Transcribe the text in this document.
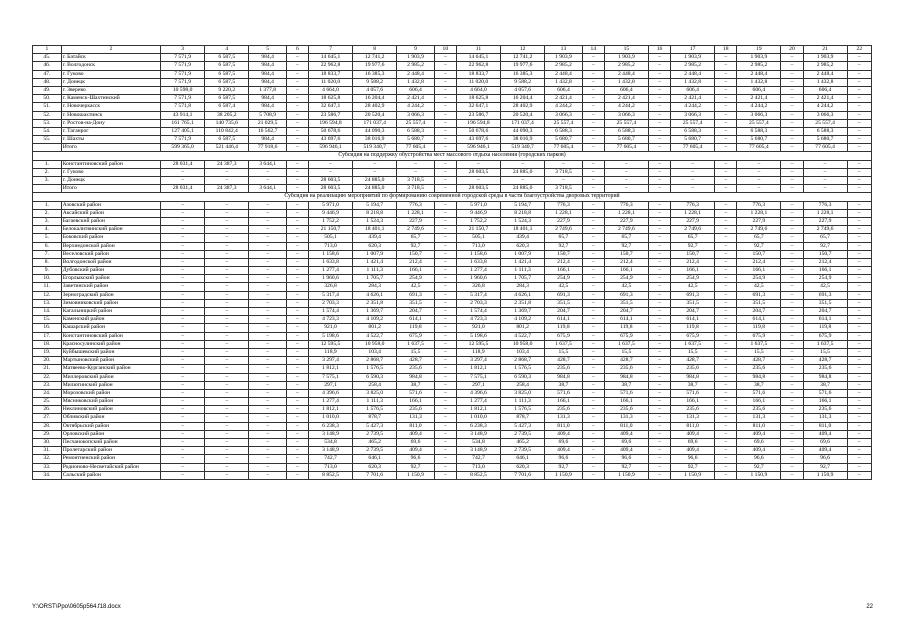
1	2	3	4	5	6	7	8	9	10	11	12	13	14	15	16	17	18	19	20	21	22
45.	г. Батайск	7 571,9	6 587,5	984,4	–	14 645,1	12 741,2	1 903,9	–	14 645,1	12 741,2	1 903,9	–	1 903,9	–	1 903,9	–	1 903,9	–	1 903,9	–
46.	г. Волгодонск	7 571,9	6 587,5	984,4	–	22 962,8	19 977,6	2 985,2	–	22 962,8	19 977,6	2 985,2	–	2 985,2	–	2 985,2	–	2 985,2	–	2 985,2	–
47.	г. Гуково	7 571,9	6 587,5	984,4	–	18 833,7	16 385,3	2 448,4	–	18 833,7	16 385,3	2 448,4	–	2 448,4	–	2 448,4	–	2 448,4	–	2 448,4	–
48.	г. Донецк	7 571,9	6 587,5	984,4	–	11 020,0	9 588,2	1 432,8	–	11 020,0	9 588,2	1 432,8	–	1 432,8	–	1 432,8	–	1 432,8	–	1 432,8	–
49.	г. Зверево	10 598,0	9 220,2	1 377,8	–	4 664,0	4 057,6	606,4	–	4 664,0	4 057,6	606,4	–	606,4	–	606,4	–	606,4	–	606,4	–
50.	г. Каменск-Шахтинский	7 571,9	6 587,5	984,4	–	18 625,8	16 204,4	2 421,4	–	18 625,8	16 204,4	2 421,4	–	2 421,4	–	2 421,4	–	2 421,4	–	2 421,4	–
51.	г. Новочеркасск	7 571,8	6 587,4	984,4	–	32 647,1	28 402,9	4 244,2	–	32 647,1	28 402,9	4 244,2	–	4 244,2	–	4 244,2	–	4 244,2	–	4 244,2	–
52.	г. Новошахтинск	43 914,1	38 205,2	5 708,9	–	23 586,7	20 520,4	3 066,3	–	23 586,7	20 520,4	3 066,3	–	3 066,3	–	3 066,3	–	3 066,3	–	3 066,3	–
53.	г. Ростов-на-Дону	161 765,1	140 735,6	21 029,5	–	196 594,8	171 037,4	25 557,4	–	196 594,8	171 037,4	25 557,4	–	25 557,4	–	25 557,4	–	25 557,4	–	25 557,4	–
54.	г. Таганрог	127 405,1	110 842,4	16 562,7	–	50 678,6	44 090,3	6 588,3	–	50 678,6	44 090,3	6 588,3	–	6 588,3	–	6 588,3	–	6 588,3	–	6 588,3	–
55.	г. Шахты	7 571,9	6 587,5	984,4	–	43 697,6	38 016,9	5 680,7	–	43 697,6	38 016,9	5 680,7	–	5 680,7	–	5 680,7	–	5 680,7	–	5 680,7	–
	Итого	599 365,0	521 446,4	77 918,6	–	596 946,1	519 340,7	77 605,4	–	596 946,1	519 340,7	77 605,4	–	77 605,4	–	77 605,4	–	77 605,4	–	77 605,4	–
Субсидия на поддержку обустройства мест массового отдыха населения (городских парков)																					
1.	Константиновский район	28 031,4	24 387,3	3 644,1	–	–	–	–	–	–	–	–	–	–	–	–	–	–	–	–	–
2.	г. Гуково	–	–	–	–	–	–	–	–	28 603,5	24 885,0	3 718,5	–	–	–	–	–	–	–	–	–
3.	г. Донецк	–	–	–	–	28 603,5	24 885,0	3 718,5	–	–	–	–	–	–	–	–	–	–	–	–	–
	Итого	28 031,4	24 387,3	3 644,1	–	28 603,5	24 885,0	3 718,5	–	28 603,5	24 885,0	3 718,5	–	–	–	–	–	–	–	–	–
Субсидия на реализацию мероприятий по формированию современной городской среды в части благоустройства дворовых территорий																					
1.	Азовский район	–	–	–	–	5 971,0	5 194,7	776,3	–	5 971,0	5 194,7	776,3	–	776,3	–	776,3	–	776,3	–	776,3	–
2.	Аксайский район	–	–	–	–	9 446,9	8 218,8	1 228,1	–	9 446,9	8 218,8	1 228,1	–	1 228,1	–	1 228,1	–	1 228,1	–	1 228,1	–
3.	Багаевский район	–	–	–	–	1 752,2	1 524,3	227,9	–	1 752,2	1 524,3	227,9	–	227,9	–	227,9	–	227,9	–	227,9	–
4.	Белокалитвинский район	–	–	–	–	21 150,7	18 401,1	2 749,6	–	21 150,7	18 401,1	2 749,6	–	2 749,6	–	2 749,6	–	2 749,6	–	2 749,6	–
5.	Боковский район	–	–	–	–	505,1	439,4	65,7	–	505,1	439,4	65,7	–	65,7	–	65,7	–	65,7	–	65,7	–
6.	Верхнедонской район	–	–	–	–	713,0	620,3	92,7	–	713,0	620,3	92,7	–	92,7	–	92,7	–	92,7	–	92,7	–
7.	Веселовский район	–	–	–	–	1 158,6	1 007,9	150,7	–	1 158,6	1 007,9	150,7	–	150,7	–	150,7	–	150,7	–	150,7	–
8.	Волгодонской район	–	–	–	–	1 633,8	1 421,4	212,4	–	1 633,8	1 421,4	212,4	–	212,4	–	212,4	–	212,4	–	212,4	–
9.	Дубовский район	–	–	–	–	1 277,4	1 111,3	166,1	–	1 277,4	1 111,3	166,1	–	166,1	–	166,1	–	166,1	–	166,1	–
10.	Егорлыкский район	–	–	–	–	1 960,6	1 705,7	254,9	–	1 960,6	1 705,7	254,9	–	254,9	–	254,9	–	254,9	–	254,9	–
11.	Заветинский район	–	–	–	–	326,8	284,3	42,5	–	326,8	284,3	42,5	–	42,5	–	42,5	–	42,5	–	42,5	–
12.	Зерноградский район	–	–	–	–	5 317,4	4 626,1	691,3	–	5 317,4	4 626,1	691,3	–	691,3	–	691,3	–	691,3	–	691,3	–
13.	Зимовниковский район	–	–	–	–	2 703,3	2 351,8	351,5	–	2 703,3	2 351,8	351,5	–	351,5	–	351,5	–	351,5	–	351,5	–
14.	Кагальницкий район	–	–	–	–	1 574,4	1 369,7	204,7	–	1 574,4	1 369,7	204,7	–	204,7	–	204,7	–	204,7	–	204,7	–
15.	Каменский район	–	–	–	–	4 723,3	4 109,2	614,1	–	4 723,3	4 109,2	614,1	–	614,1	–	614,1	–	614,1	–	614,1	–
16.	Кашарский район	–	–	–	–	921,0	801,2	119,8	–	921,0	801,2	119,8	–	119,8	–	119,8	–	119,8	–	119,8	–
17.	Константиновский район	–	–	–	–	5 198,6	4 522,7	675,9	–	5 198,6	4 522,7	675,9	–	675,9	–	675,9	–	675,9	–	675,9	–
18.	Красносулинский район	–	–	–	–	12 595,5	10 958,0	1 637,5	–	12 595,5	10 958,0	1 637,5	–	1 637,5	–	1 637,5	–	1 637,5	–	1 637,5	–
19.	Куйбышевский район	–	–	–	–	118,9	103,4	15,5	–	118,9	103,4	15,5	–	15,5	–	15,5	–	15,5	–	15,5	–
20.	Мартыновский район	–	–	–	–	3 297,4	2 868,7	428,7	–	3 297,4	2 868,7	428,7	–	428,7	–	428,7	–	428,7	–	428,7	–
21.	Матвеево-Курганский район	–	–	–	–	1 812,1	1 576,5	235,6	–	1 812,1	1 576,5	235,6	–	235,6	–	235,6	–	235,6	–	235,6	–
22.	Миллеровский район	–	–	–	–	7 575,1	6 590,3	984,8	–	7 575,1	6 590,3	984,8	–	984,8	–	984,8	–	984,8	–	984,8	–
23.	Милютинский район	–	–	–	–	297,1	258,4	38,7	–	297,1	258,4	38,7	–	38,7	–	38,7	–	38,7	–	38,7	–
24.	Морозовский район	–	–	–	–	4 396,6	3 825,0	571,6	–	4 396,6	3 825,0	571,6	–	571,6	–	571,6	–	571,6	–	571,6	–
25.	Мясниковский район	–	–	–	–	1 277,4	1 111,3	166,1	–	1 277,4	1 111,3	166,1	–	166,1	–	166,1	–	166,1	–	166,1	–
26.	Неклиновский район	–	–	–	–	1 812,1	1 576,5	235,6	–	1 812,1	1 576,5	235,6	–	235,6	–	235,6	–	235,6	–	235,6	–
27.	Обливский район	–	–	–	–	1 010,0	878,7	131,3	–	1 010,0	878,7	131,3	–	131,3	–	131,3	–	131,3	–	131,3	–
28.	Октябрьский район	–	–	–	–	6 238,3	5 427,3	811,0	–	6 238,3	5 427,3	811,0	–	811,0	–	811,0	–	811,0	–	811,0	–
29.	Орловский район	–	–	–	–	3 148,9	2 739,5	409,4	–	3 148,9	2 739,5	409,4	–	409,4	–	409,4	–	409,4	–	409,4	–
30.	Песчанокопский район	–	–	–	–	534,8	465,2	69,6	–	534,8	465,2	69,6	–	69,6	–	69,6	–	69,6	–	69,6	–
31.	Пролетарский район	–	–	–	–	3 148,9	2 739,5	409,4	–	3 148,9	2 739,5	409,4	–	409,4	–	409,4	–	409,4	–	409,4	–
32.	Ремонтненский район	–	–	–	–	742,7	646,1	96,6	–	742,7	646,1	96,6	–	96,6	–	96,6	–	96,6	–	96,6	–
33.	Родионово-Несветайский район	–	–	–	–	713,0	620,3	92,7	–	713,0	620,3	92,7	–	92,7	–	92,7	–	92,7	–	92,7	–
34.	Сальский район	–	–	–	–	8 852,5	7 701,6	1 150,9	–	8 852,5	7 701,6	1 150,9	–	1 150,9	–	1 150,9	–	1 150,9	–	1 150,9	–
Y:\ORST\Ppo\0605p564.f18.docx	22
